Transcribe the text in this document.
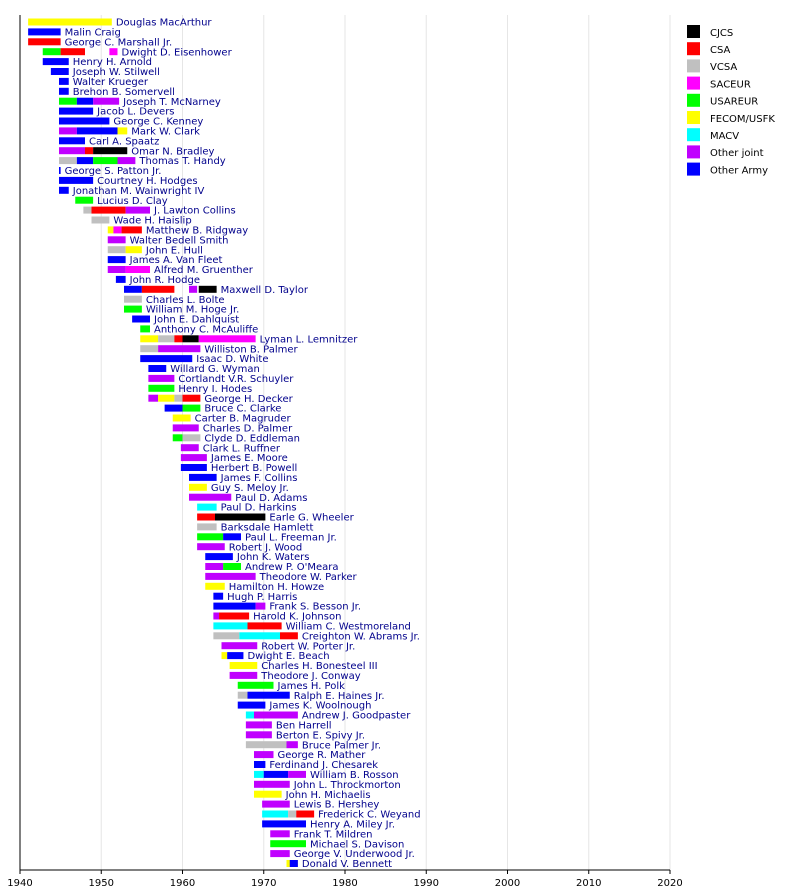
Douglas MacArthur
Malin Craig
George C. Marshall Jr.
Dwight D. Eisenhower
Henry H. Arnold
Joseph W. Stilwell
Walter Krueger
Brehon B. Somervell
Joseph T. McNarney
Jacob L. Devers
George C. Kenney
Mark W. Clark
Carl A. Spaatz
Omar N. Bradley
Thomas T. Handy
George S. Patton Jr.
Courtney H. Hodges
Jonathan M. Wainwright IV
Lucius D. Clay
J. Lawton Collins
Wade H. Haislip
Matthew B. Ridgway
Walter Bedell Smith
John E. Hull
James A. Van Fleet
Alfred M. Gruenther
John R. Hodge
Maxwell D. Taylor
Charles L. Bolte
William M. Hoge Jr.
John E. Dahlquist
Anthony C. McAuliffe
Lyman L. Lemnitzer
Williston B. Palmer
Isaac D. White
Willard G. Wyman
Cortlandt V.R. Schuyler
Henry I. Hodes
George H. Decker
Bruce C. Clarke
Carter B. Magruder
Charles D. Palmer
Clyde D. Eddleman
Clark L. Ruffner
James E. Moore
Herbert B. Powell
James F. Collins
Guy S. Meloy Jr.
Paul D. Adams
Paul D. Harkins
Earle G. Wheeler
Barksdale Hamlett
Paul L. Freeman Jr.
Robert J. Wood
John K. Waters
Andrew P. O'Meara
Theodore W. Parker
Hamilton H. Howze
Hugh P. Harris
Frank S. Besson Jr.
Harold K. Johnson
William C. Westmoreland
Creighton W. Abrams Jr.
Robert W. Porter Jr.
Dwight E. Beach
Charles H. Bonesteel III
Theodore J. Conway
James H. Polk
Ralph E. Haines Jr.
James K. Woolnough
Andrew J. Goodpaster
Ben Harrell
Berton E. Spivy Jr.
Bruce Palmer Jr.
George R. Mather
Ferdinand J. Chesarek
William B. Rosson
John L. Throckmorton
John H. Michaelis
Lewis B. Hershey
Frederick C. Weyand
Henry A. Miley Jr.
Frank T. Mildren
Michael S. Davison
George V. Underwood Jr.
Donald V. Bennett
1940	1950	1960	1970	1980	1990	2000	2010	2020
CJCS
CSA
VCSA
SACEUR
USAREUR
FECOM/USFK
MACV
Other joint
Other Army
